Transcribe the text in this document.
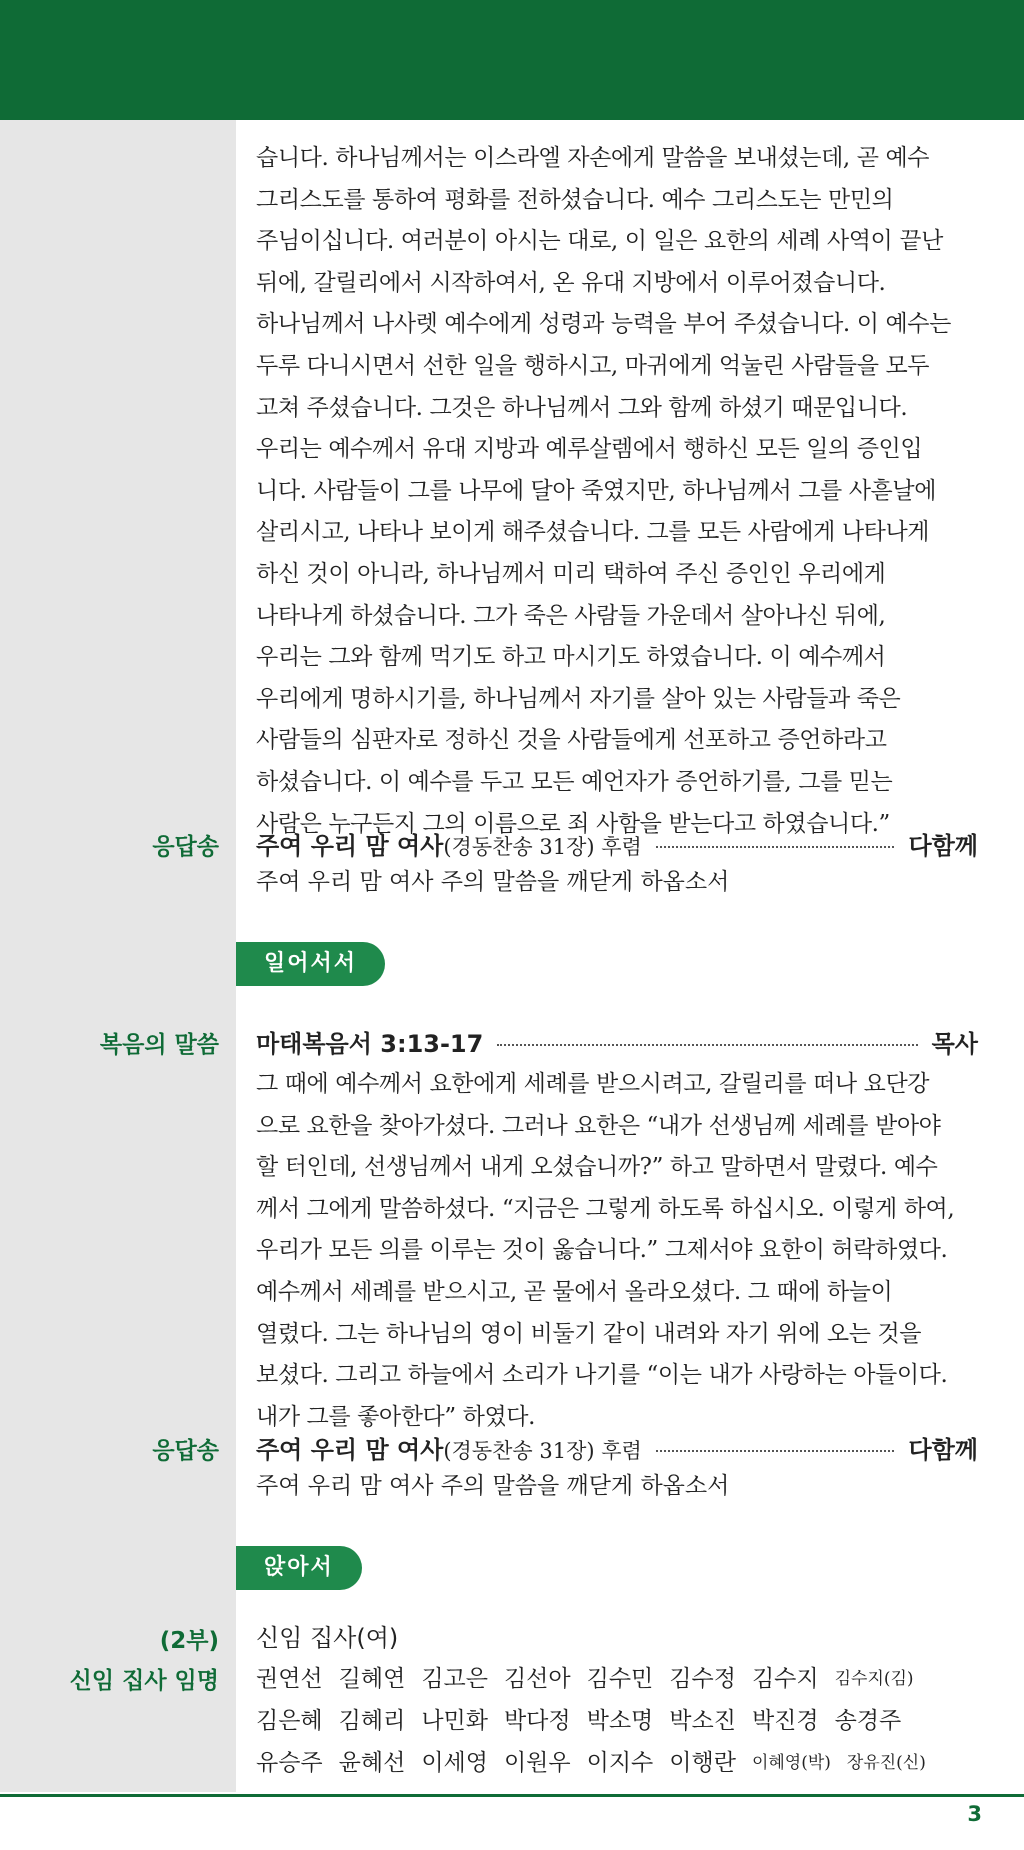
습니다. 하나님께서는 이스라엘 자손에게 말씀을 보내셨는데, 곧 예수

그리스도를 통하여 평화를 전하셨습니다. 예수 그리스도는 만민의

주님이십니다. 여러분이 아시는 대로, 이 일은 요한의 세례 사역이 끝난

뒤에, 갈릴리에서 시작하여서, 온 유대 지방에서 이루어졌습니다.

하나님께서 나사렛 예수에게 성령과 능력을 부어 주셨습니다. 이 예수는

두루 다니시면서 선한 일을 행하시고, 마귀에게 억눌린 사람들을 모두

고쳐 주셨습니다. 그것은 하나님께서 그와 함께 하셨기 때문입니다.

우리는 예수께서 유대 지방과 예루살렘에서 행하신 모든 일의 증인입

니다. 사람들이 그를 나무에 달아 죽였지만, 하나님께서 그를 사흗날에

살리시고, 나타나 보이게 해주셨습니다. 그를 모든 사람에게 나타나게

하신 것이 아니라, 하나님께서 미리 택하여 주신 증인인 우리에게

나타나게 하셨습니다. 그가 죽은 사람들 가운데서 살아나신 뒤에,

우리는 그와 함께 먹기도 하고 마시기도 하였습니다. 이 예수께서

우리에게 명하시기를, 하나님께서 자기를 살아 있는 사람들과 죽은

사람들의 심판자로 정하신 것을 사람들에게 선포하고 증언하라고

하셨습니다. 이 예수를 두고 모든 예언자가 증언하기를, 그를 믿는

사람은 누구든지 그의 이름으로 죄 사함을 받는다고 하였습니다.”

응답송 주여 우리 맘 여사 (경동찬송 31장) 후렴	다함께
주여 우리 맘 여사 주의 말씀을 깨닫게 하옵소서
일어서서
복음의 말씀 마태복음서 3:13-17	목사

그 때에 예수께서 요한에게 세례를 받으시려고, 갈릴리를 떠나 요단강

으로 요한을 찾아가셨다. 그러나 요한은 “내가 선생님께 세례를 받아야

할 터인데, 선생님께서 내게 오셨습니까?” 하고 말하면서 말렸다. 예수

께서 그에게 말씀하셨다. “지금은 그렇게 하도록 하십시오. 이렇게 하여,

우리가 모든 의를 이루는 것이 옳습니다.” 그제서야 요한이 허락하였다.

예수께서 세례를 받으시고, 곧 물에서 올라오셨다. 그 때에 하늘이

열렸다. 그는 하나님의 영이 비둘기 같이 내려와 자기 위에 오는 것을

보셨다. 그리고 하늘에서 소리가 나기를 “이는 내가 사랑하는 아들이다.

내가 그를 좋아한다” 하였다.

응답송 주여 우리 맘 여사 (경동찬송 31장) 후렴	다함께
주여 우리 맘 여사 주의 말씀을 깨닫게 하옵소서
앉아서
(2부)
신임 집사 임명
신임 집사(여)
권연선 길혜연 김고은 김선아 김수민 김수정 김수지 김수지(김)
김은혜 김혜리 나민화 박다정 박소명 박소진 박진경 송경주
유승주 윤혜선 이세영 이원우 이지수 이행란 이혜영(박) 장유진(신)
3
